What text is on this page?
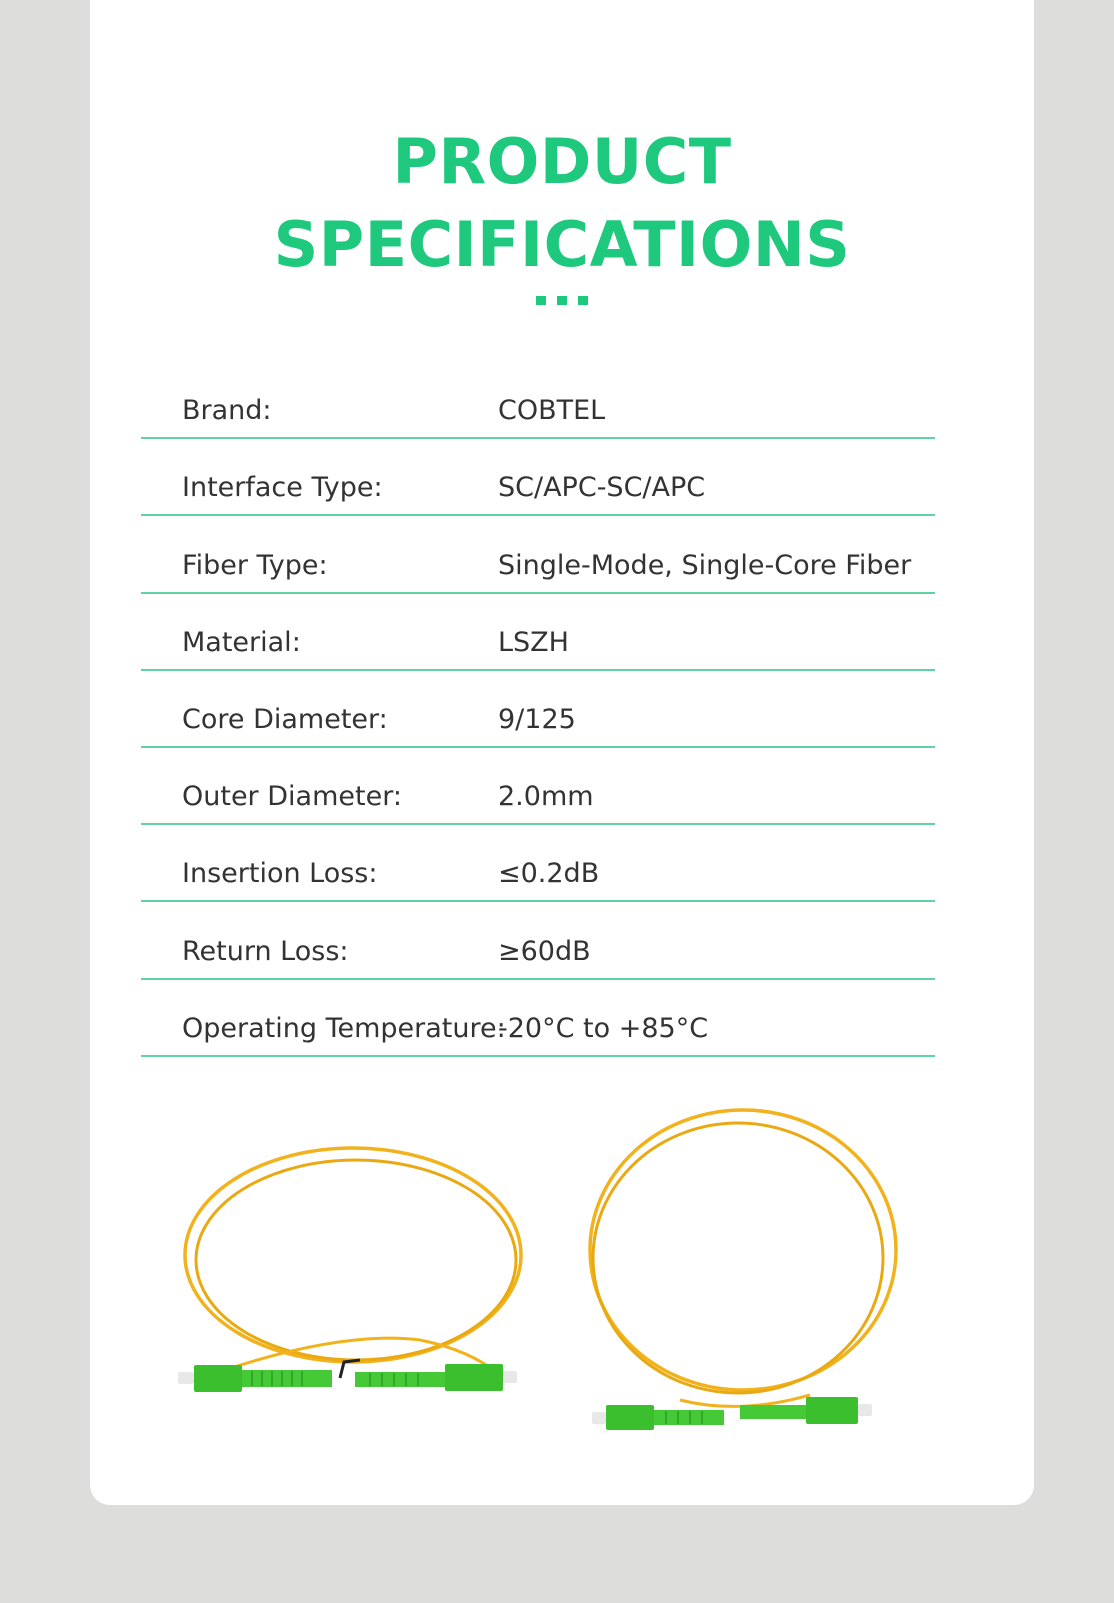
PRODUCT
SPECIFICATIONS
Brand:	COBTEL
Interface Type:	SC/APC-SC/APC
Fiber Type:	Single-Mode, Single-Core Fiber
Material:	LSZH
Core Diameter:	9/125
Outer Diameter:	2.0mm
Insertion Loss:	≤0.2dB
Return Loss:	≥60dB
Operating Temperature:
-20°C to +85°C
